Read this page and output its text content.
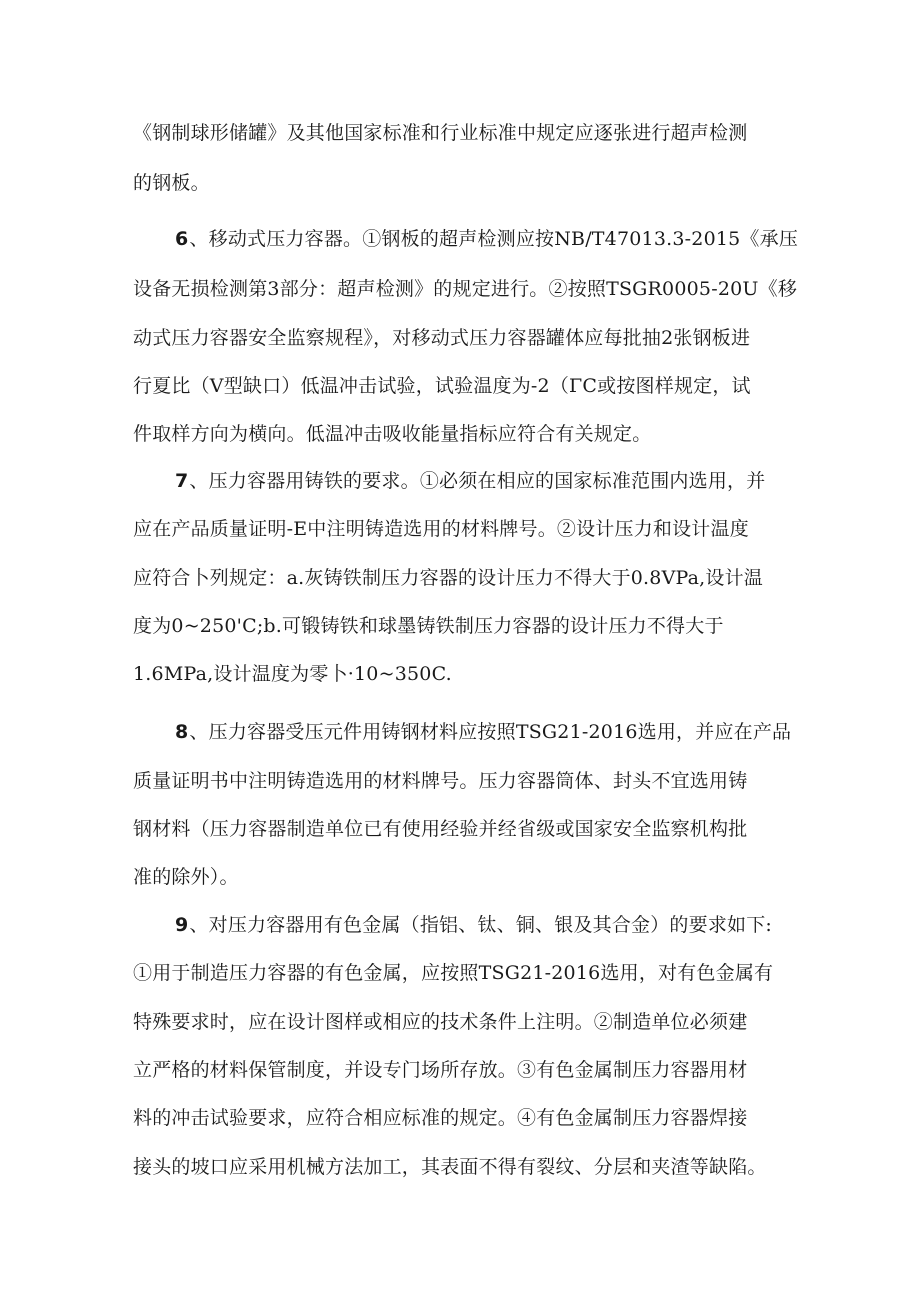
《钢制球形储罐》及其他国家标准和行业标准中规定应逐张进行超声检测
的钢板。
6、移动式压力容器。①钢板的超声检测应按NB/T47013.3-2015《承压
设备无损检测第3部分：超声检测》的规定进行。②按照TSGR0005-20U《移
动式压力容器安全监察规程》，对移动式压力容器罐体应每批抽2张钢板进
行夏比（V型缺口）低温冲击试验，试验温度为-2（ΓC或按图样规定，试
件取样方向为横向。低温冲击吸收能量指标应符合有关规定。
7、压力容器用铸铁的要求。①必须在相应的国家标准范围内选用，并
应在产品质量证明-E中注明铸造选用的材料牌号。②设计压力和设计温度
应符合卜列规定：a.灰铸铁制压力容器的设计压力不得大于0.8VPa,设计温
度为0~250'C;b.可锻铸铁和球墨铸铁制压力容器的设计压力不得大于
1.6MPa,设计温度为零卜·10~350C.
8、压力容器受压元件用铸钢材料应按照TSG21-2016选用，并应在产品
质量证明书中注明铸造选用的材料牌号。压力容器筒体、封头不宜选用铸
钢材料（压力容器制造单位已有使用经验并经省级或国家安全监察机构批
准的除外）。
9、对压力容器用有色金属（指铝、钛、铜、银及其合金）的要求如下:
①用于制造压力容器的有色金属，应按照TSG21-2016选用，对有色金属有
特殊要求时，应在设计图样或相应的技术条件上注明。②制造单位必须建
立严格的材料保管制度，并设专门场所存放。③有色金属制压力容器用材
料的冲击试验要求，应符合相应标准的规定。④有色金属制压力容器焊接
接头的坡口应采用机械方法加工，其表面不得有裂纹、分层和夹渣等缺陷。
